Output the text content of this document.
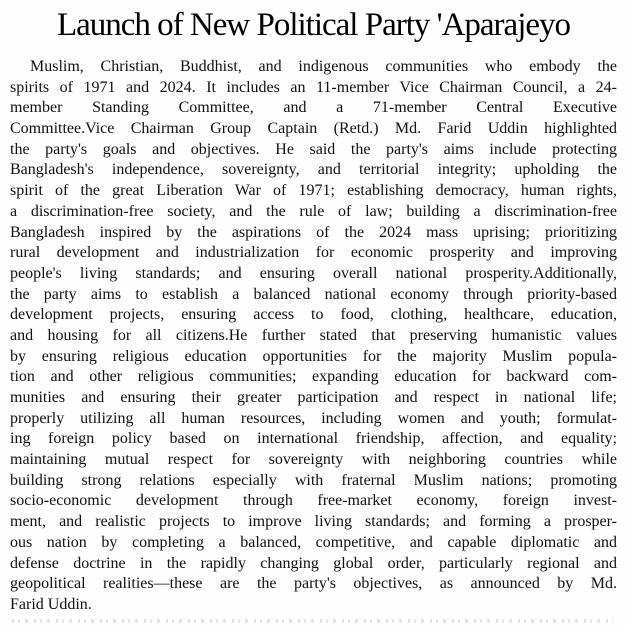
Launch of New Political Party 'Aparajeyo
Muslim, Christian, Buddhist, and indigenous communities who embody the
spirits of 1971 and 2024. It includes an 11-member Vice Chairman Council, a 24-
member Standing Committee, and a 71-member Central Executive
Committee.Vice Chairman Group Captain (Retd.) Md. Farid Uddin highlighted
the party's goals and objectives. He said the party's aims include protecting
Bangladesh's independence, sovereignty, and territorial integrity; upholding the
spirit of the great Liberation War of 1971; establishing democracy, human rights,
a discrimination-free society, and the rule of law; building a discrimination-free
Bangladesh inspired by the aspirations of the 2024 mass uprising; prioritizing
rural development and industrialization for economic prosperity and improving
people's living standards; and ensuring overall national prosperity.Additionally,
the party aims to establish a balanced national economy through priority-based
development projects, ensuring access to food, clothing, healthcare, education,
and housing for all citizens.He further stated that preserving humanistic values
by ensuring religious education opportunities for the majority Muslim popula-
tion and other religious communities; expanding education for backward com-
munities and ensuring their greater participation and respect in national life;
properly utilizing all human resources, including women and youth; formulat-
ing foreign policy based on international friendship, affection, and equality;
maintaining mutual respect for sovereignty with neighboring countries while
building strong relations especially with fraternal Muslim nations; promoting
socio-economic development through free-market economy, foreign invest-
ment, and realistic projects to improve living standards; and forming a prosper-
ous nation by completing a balanced, competitive, and capable diplomatic and
defense doctrine in the rapidly changing global order, particularly regional and
geopolitical realities—these are the party's objectives, as announced by Md.
Farid Uddin.
